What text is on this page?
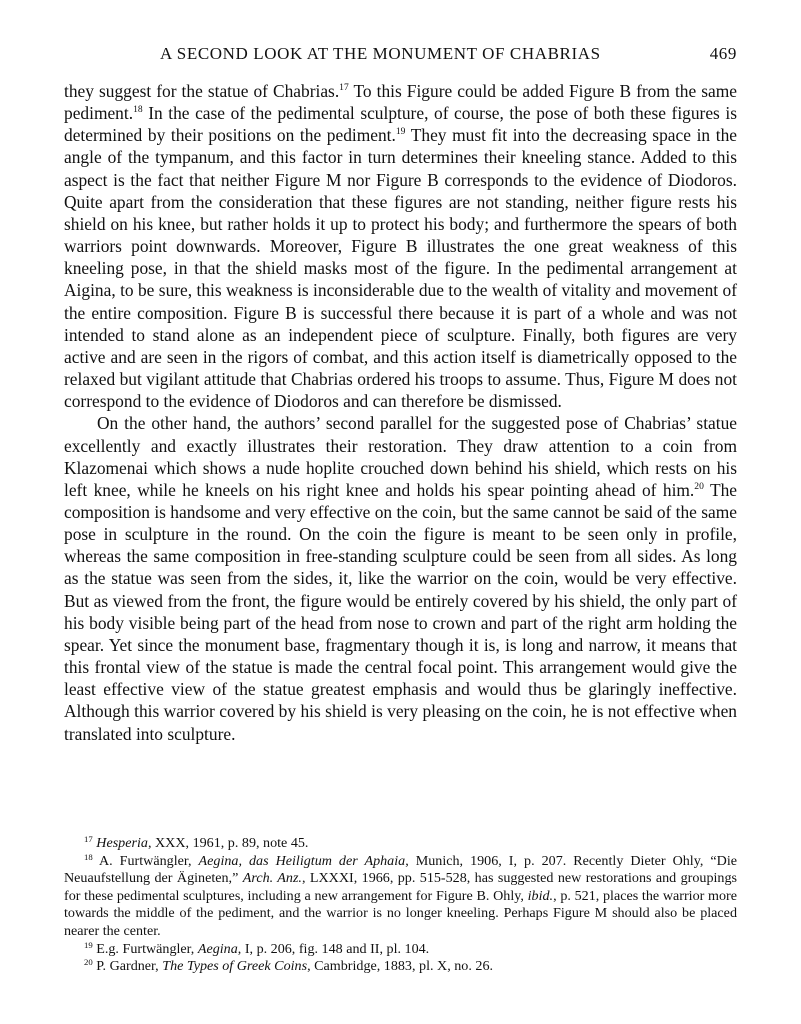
A SECOND LOOK AT THE MONUMENT OF CHABRIAS	469

they suggest for the statue of Chabrias.$^{17}$ To this Figure could be added Figure B from the same pediment.$^{18}$ In the case of the pedimental sculpture, of course, the pose of both these figures is determined by their positions on the pediment.$^{19}$ They must fit into the decreasing space in the angle of the tympanum, and this factor in turn determines their kneeling stance. Added to this aspect is the fact that neither Figure M nor Figure B corresponds to the evidence of Diodoros. Quite apart from the consideration that these figures are not standing, neither figure rests his shield on his knee, but rather holds it up to protect his body; and furthermore the spears of both warriors point downwards. Moreover, Figure B illustrates the one great weakness of this kneeling pose, in that the shield masks most of the figure. In the pedimental arrangement at Aigina, to be sure, this weakness is inconsiderable due to the wealth of vitality and movement of the entire composition. Figure B is successful there because it is part of a whole and was not intended to stand alone as an independent piece of sculpture. Finally, both figures are very active and are seen in the rigors of combat, and this action itself is diametrically opposed to the relaxed but vigilant attitude that Chabrias ordered his troops to assume. Thus, Figure M does not correspond to the evidence of Diodoros and can therefore be dismissed.

On the other hand, the authors’ second parallel for the suggested pose of Chabrias’ statue excellently and exactly illustrates their restoration. They draw attention to a coin from Klazomenai which shows a nude hoplite crouched down behind his shield, which rests on his left knee, while he kneels on his right knee and holds his spear pointing ahead of him.$^{20}$ The composition is handsome and very effective on the coin, but the same cannot be said of the same pose in sculpture in the round. On the coin the figure is meant to be seen only in profile, whereas the same composition in free-standing sculpture could be seen from all sides. As long as the statue was seen from the sides, it, like the warrior on the coin, would be very effective. But as viewed from the front, the figure would be entirely covered by his shield, the only part of his body visible being part of the head from nose to crown and part of the right arm holding the spear. Yet since the monument base, fragmentary though it is, is long and narrow, it means that this frontal view of the statue is made the central focal point. This arrangement would give the least effective view of the statue greatest emphasis and would thus be glaringly ineffective. Although this warrior covered by his shield is very pleasing on the coin, he is not effective when translated into sculpture.

$^{17}$ Hesperia, XXX, 1961, p. 89, note 45.

$^{18}$ A. Furtwängler, Aegina, das Heiligtum der Aphaia, Munich, 1906, I, p. 207. Recently Dieter Ohly, “Die Neuaufstellung der Ägineten,” Arch. Anz., LXXXI, 1966, pp. 515-528, has suggested new restorations and groupings for these pedimental sculptures, including a new arrangement for Figure B. Ohly, ibid., p. 521, places the warrior more towards the middle of the pediment, and the warrior is no longer kneeling. Perhaps Figure M should also be placed nearer the center.

$^{19}$ E.g. Furtwängler, Aegina, I, p. 206, fig. 148 and II, pl. 104.

$^{20}$ P. Gardner, The Types of Greek Coins, Cambridge, 1883, pl. X, no. 26.
